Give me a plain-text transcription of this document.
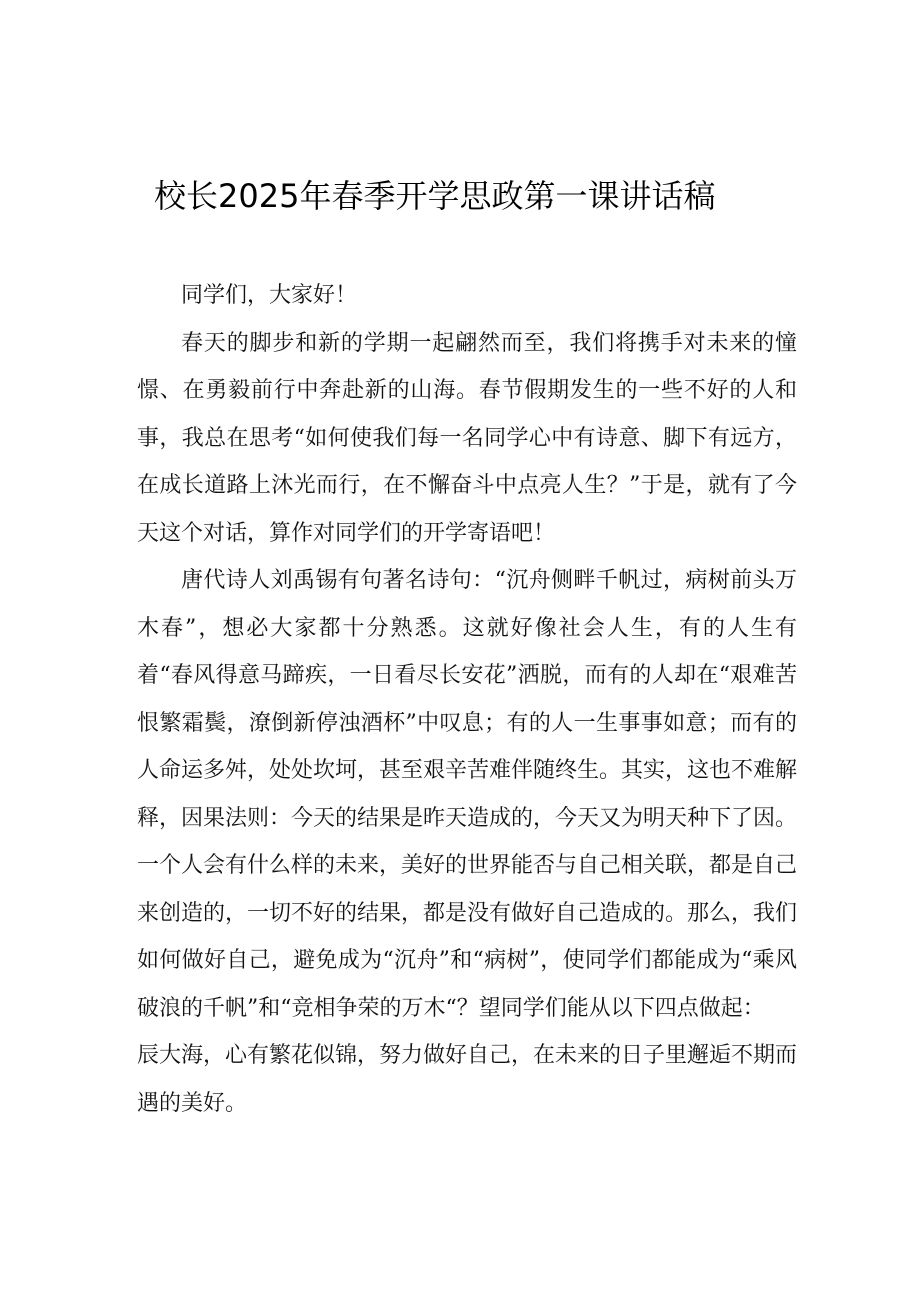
校长2025年春季开学思政第一课讲话稿

同学们，大家好！

春天的脚步和新的学期一起翩然而至，我们将携手对未来的憧憬、在勇毅前行中奔赴新的山海。春节假期发生的一些不好的人和事，我总在思考“如何使我们每一名同学心中有诗意、脚下有远方，在成长道路上沐光而行，在不懈奋斗中点亮人生？”于是，就有了今天这个对话，算作对同学们的开学寄语吧！

唐代诗人刘禹锡有句著名诗句：“沉舟侧畔千帆过，病树前头万木春”，想必大家都十分熟悉。这就好像社会人生，有的人生有着“春风得意马蹄疾，一日看尽长安花”洒脱，而有的人却在“艰难苦恨繁霜鬓，潦倒新停浊酒杯”中叹息；有的人一生事事如意；而有的人命运多舛，处处坎坷，甚至艰辛苦难伴随终生。其实，这也不难解释，因果法则：今天的结果是昨天造成的，今天又为明天种下了因。一个人会有什么样的未来，美好的世界能否与自己相关联，都是自己来创造的，一切不好的结果，都是没有做好自己造成的。那么，我们如何做好自己，避免成为“沉舟”和“病树”，使同学们都能成为“乘风破浪的千帆”和“竞相争荣的万木“？望同学们能从以下四点做起：

辰大海，心有繁花似锦，努力做好自己，在未来的日子里邂逅不期而遇的美好。
